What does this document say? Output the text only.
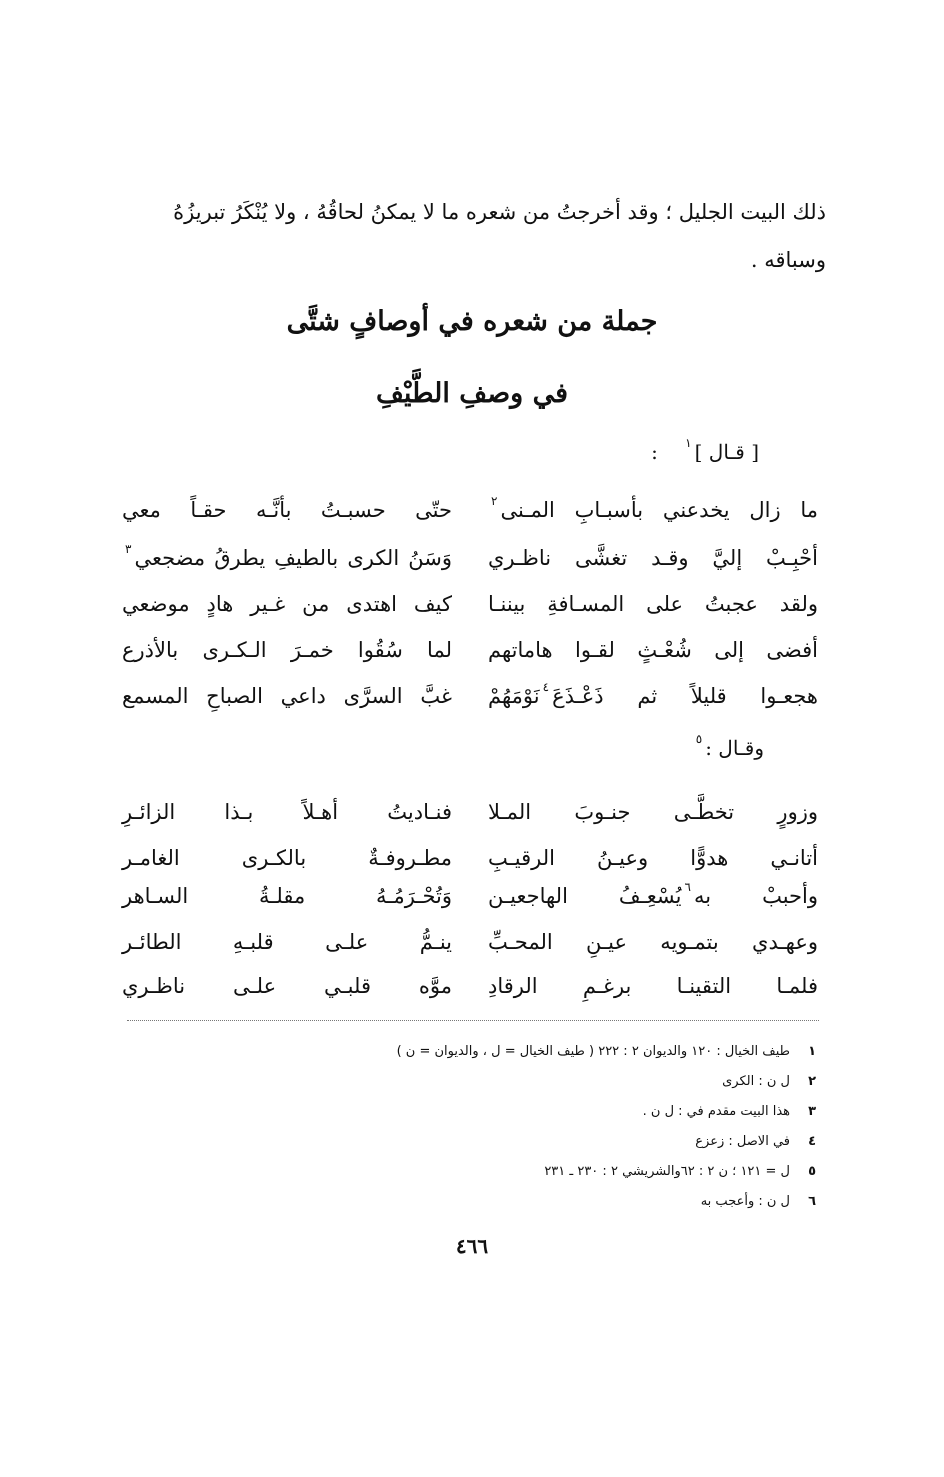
ذلك البيت الجليل ؛ وقد أخرجتُ من شعره ما لا يمكنُ لحاقُهُ ، ولا يُنْكَرُ تبريزُهُ
وسباقه .
جملة من شعره في أوصافٍ شتَّى
في وصفِ الطَّيْفِ
[ قـال ]$^١$ :
ما زال يخدعني بأسبـابِ المـنى$^٢$
حتّى حسبـتُ بأنَّـه حقـاً معي
أحْبِـبْ إليَّ وقـد تغشَّى ناظـري
وَسَنُ الكرى بالطيفِ يطرقُ مضجعي$^٣$
ولقد عجبتُ على المسـافةِ بيننـا
كيف اهتدى من غـير هادٍ موضعي
أفضى إلى شُعْـثٍ لقـوا هاماتهم
لما سُقُوا خمـرَ الـكـرى بالأذرع
هجعـوا قليلاً ثم ذَعْـذَعَ$^٤$نَوْمَهُمْ
غبَّ السرَّى داعي الصباحِ المسمع
وقـال :$^٥$
وزورٍ تخطَّـى جنـوبَ المـلا
فنـاديتُ أهـلاً بـذا الزائـرِ
أتانـي هدوًّا وعيـنُ الرقيـبِ
مطـروفـةٌ بالكـرى الغامـر
وأحببْ به$^٦$يُسْعِـفُ الهاجعيـن
وَتُحْـرَمُـهُ مقلـةُ السـاهر
وعهـدي بتمـويه عيـنِ المحـبِّ
ينـمُّ علـى قلبـهِ الطائـر
فلمـا التقينـا برغـمِ الرقادِ
موَّه قلبـي علـى ناظـري
١طيف الخيال : ١٢٠ والديوان ٢ : ٢٢٢ ( طيف الخيال = ل ، والديوان = ن )
٢ل ن : الكرى
٣هذا البيت مقدم في : ل ن .
٤في الاصل : زعزع
٥ل = ١٢١ ؛ ن ٢ : ٦٢والشريشي ٢ : ٢٣٠ ـ ٢٣١
٦ل ن : وأعجب به
٤٦٦
